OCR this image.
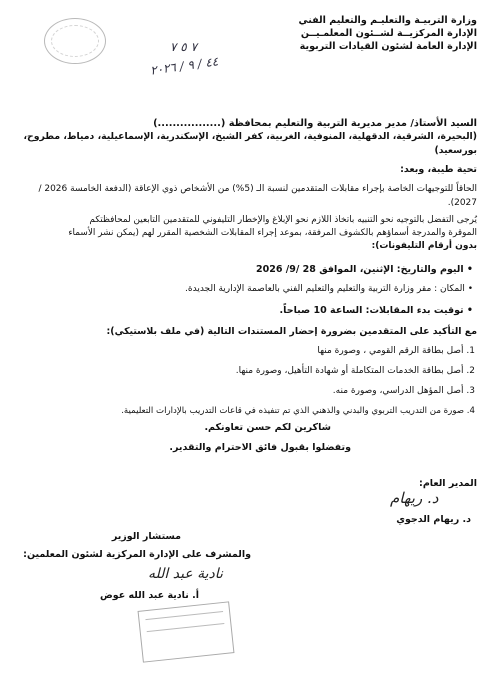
وزارة التربيـة والتعليـم والتعليم الفني
الإدارة المركزيــة لشــئون المعلمـيــن
الإدارة العامة لشئون القيادات التربوية
٧ ٥ ٧
٤٤ / ٩ / ٢٠٢٦
السيد الأستاذ/ مدير مديرية التربية والتعليم بمحافظة (.................)
(البحيرة، الشرقية، الدقهلية، المنوفية، الغربية، كفر الشيخ، الإسكندرية، الإسماعيلية، دمياط، مطروح، بورسعيد)
تحية طيبة، وبعد:
الحاقاً للتوجيهات الخاصة بإجراء مقابلات المتقدمين لنسبة الـ (5%) من الأشخاص ذوي الإعاقة (الدفعة الخامسة 2026 / 2027).
يُرجى التفضل بالتوجيه نحو التنبيه باتخاذ اللازم نحو الإبلاغ والإخطار التليفوني للمتقدمين التابعين لمحافظتكم
الموقرة والمدرجة أسماؤهم بالكشوف المرفقة، بموعد إجراء المقابلات الشخصية المقرر لهم (يمكن نشر الأسماء
بدون أرقام التليفونات):
• اليوم والتاريخ: الإثنين، الموافق 28 /9/ 2026
• المكان : مقر وزارة التربية والتعليم والتعليم الفني بالعاصمة الإدارية الجديدة.
• توقيت بدء المقابلات: الساعة 10 صباحاً.
مع التأكيد على المتقدمين بضرورة إحضار المستندات التالية (في ملف بلاستيكي):
1. أصل بطاقة الرقم القومي ، وصورة منها
2. أصل بطاقة الخدمات المتكاملة أو شهادة التأهيل، وصورة منها.
3. أصل المؤهل الدراسي، وصورة منه.
4. صورة من التدريب التربوي والبدني والذهني الذي تم تنفيذه في قاعات التدريب بالإدارات التعليمية.
شاكرين لكم حسن تعاونكم.
وتفضلوا بقبول فائق الاحترام والتقدير.
المدير العام:
د. ريهام
د. ريهام الدجوي
مستشار الوزير
والمشرف على الإدارة المركزية لشئون المعلمين:
نادية عبد الله
أ. نادية عبد الله عوض
